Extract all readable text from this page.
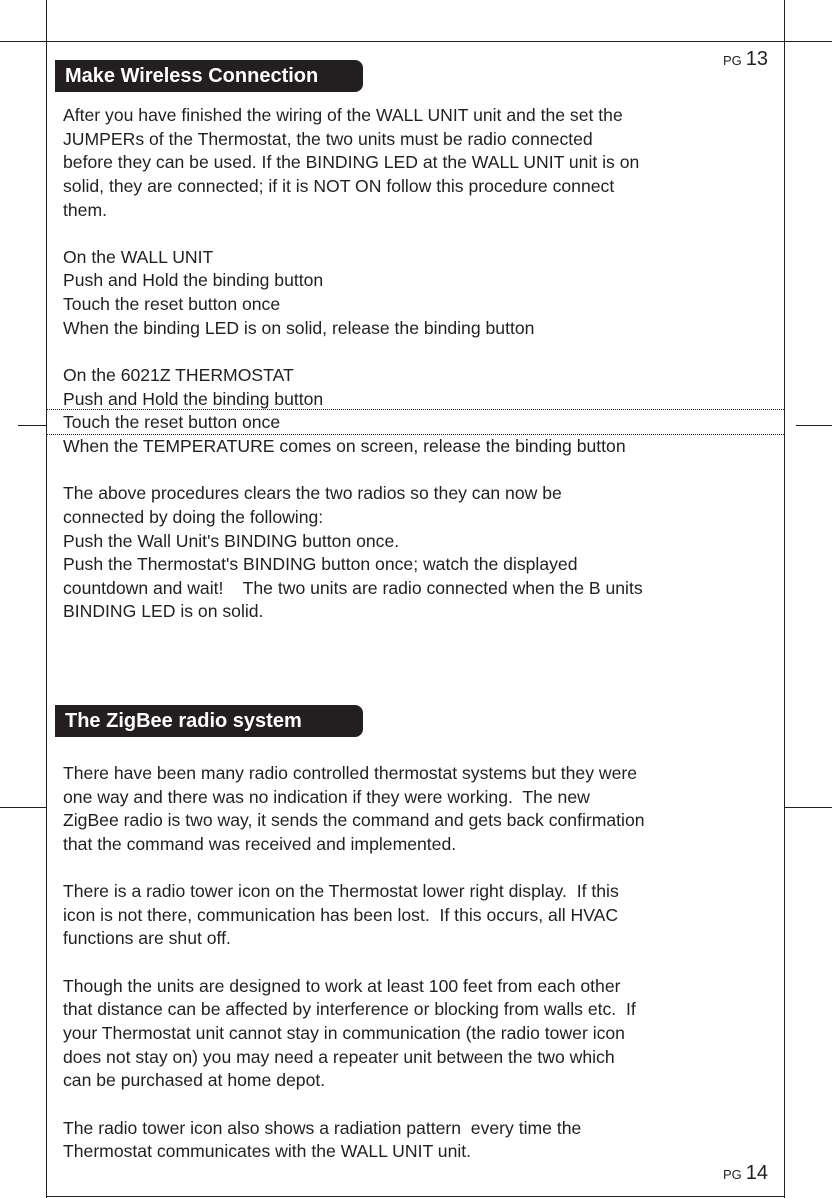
PG 13
Make Wireless Connection
After you have finished the wiring of the WALL UNIT unit and the set the
JUMPERs of the Thermostat, the two units must be radio connected
before they can be used. If the BINDING LED at the WALL UNIT unit is on
solid, they are connected; if it is NOT ON follow this procedure connect
them.
On the WALL UNIT
Push and Hold the binding button
Touch the reset button once
When the binding LED is on solid, release the binding button
On the 6021Z THERMOSTAT
Push and Hold the binding button
Touch the reset button once
When the TEMPERATURE comes on screen, release the binding button
The above procedures clears the two radios so they can now be
connected by doing the following:
Push the Wall Unit's BINDING button once.
Push the Thermostat's BINDING button once; watch the displayed
countdown and wait!    The two units are radio connected when the B units
BINDING LED is on solid.
The ZigBee radio system
There have been many radio controlled thermostat systems but they were
one way and there was no indication if they were working.  The new
ZigBee radio is two way, it sends the command and gets back confirmation
that the command was received and implemented.
There is a radio tower icon on the Thermostat lower right display.  If this
icon is not there, communication has been lost.  If this occurs, all HVAC
functions are shut off.
Though the units are designed to work at least 100 feet from each other
that distance can be affected by interference or blocking from walls etc.  If
your Thermostat unit cannot stay in communication (the radio tower icon
does not stay on) you may need a repeater unit between the two which
can be purchased at home depot.
The radio tower icon also shows a radiation pattern  every time the
Thermostat communicates with the WALL UNIT unit.
PG 14
